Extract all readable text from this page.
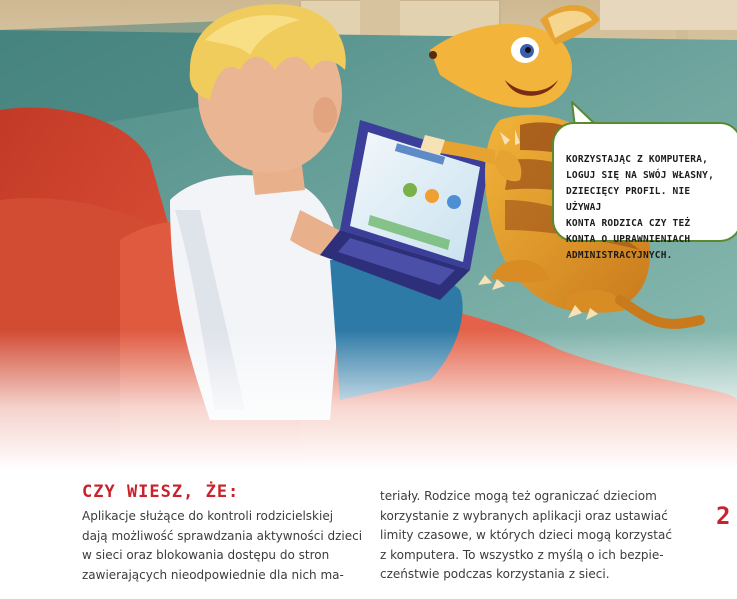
KORZYSTAJĄC Z KOMPUTERA,
LOGUJ SIĘ NA SWÓJ WŁASNY,
DZIECIĘCY PROFIL. NIE UŻYWAJ
KONTA RODZICA CZY TEŻ
KONTA O UPRAWNIENIACH
ADMINISTRACYJNYCH.

CZY WIESZ, ŻE:

Aplikacje służące do kontroli rodzicielskiej
dają możliwość sprawdzania aktywności dzieci
w sieci oraz blokowania dostępu do stron
zawierających nieodpowiednie dla nich ma-

teriały. Rodzice mogą też ograniczać dzieciom
korzystanie z wybranych aplikacji oraz ustawiać
limity czasowe, w których dzieci mogą korzystać
z komputera. To wszystko z myślą o ich bezpie-
czeństwie podczas korzystania z sieci.

2
